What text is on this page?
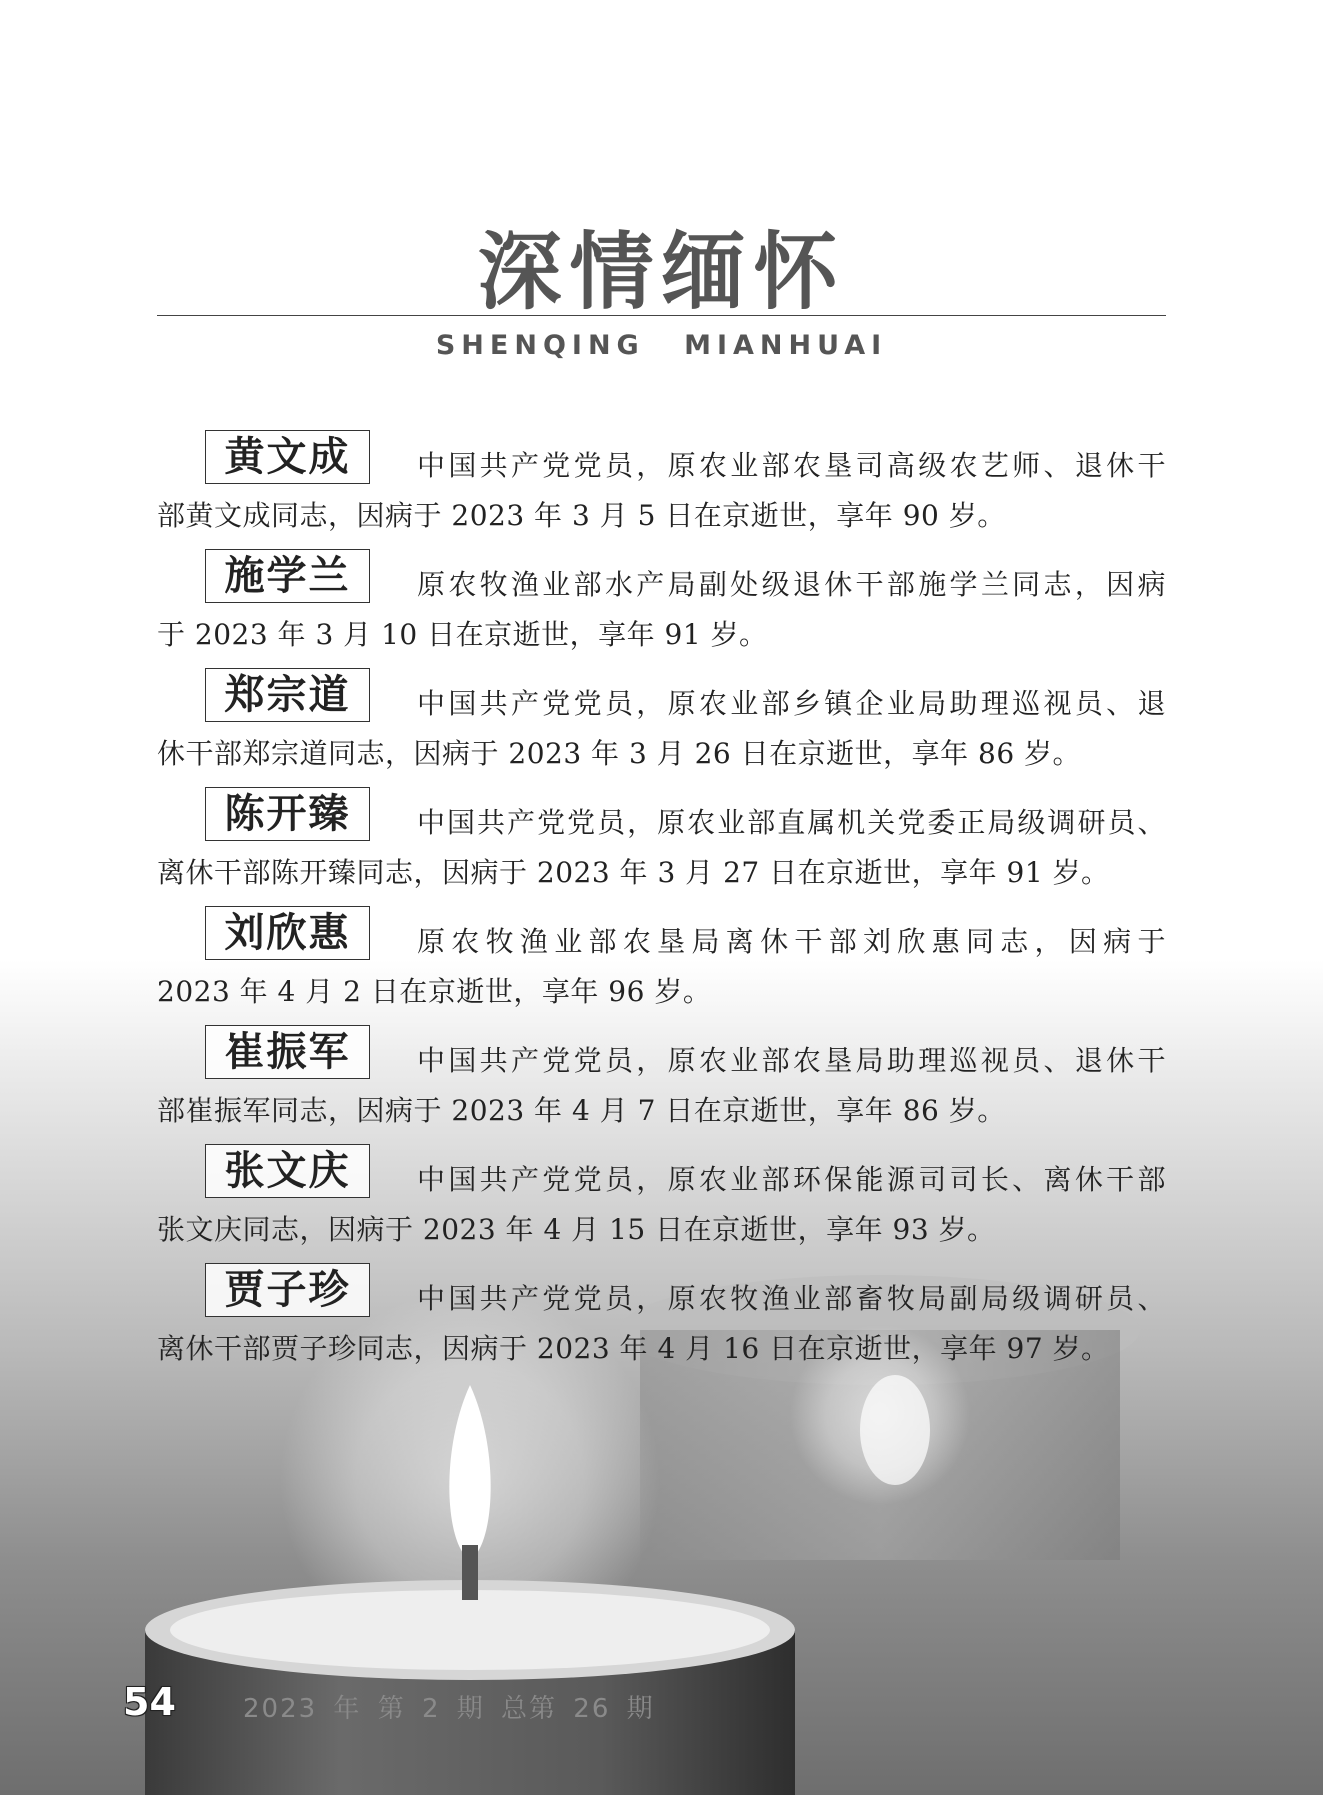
深情缅怀
SHENQING MIANHUAI
黄文成	中国共产党党员，原农业部农垦司高级农艺师、退休干
部黄文成同志，因病于 2023 年 3 月 5 日在京逝世，享年 90 岁。
施学兰	原农牧渔业部水产局副处级退休干部施学兰同志，因病
于 2023 年 3 月 10 日在京逝世，享年 91 岁。
郑宗道	中国共产党党员，原农业部乡镇企业局助理巡视员、退
休干部郑宗道同志，因病于 2023 年 3 月 26 日在京逝世，享年 86 岁。
陈开臻	中国共产党党员，原农业部直属机关党委正局级调研员、
离休干部陈开臻同志，因病于 2023 年 3 月 27 日在京逝世，享年 91 岁。
刘欣惠	原农牧渔业部农垦局离休干部刘欣惠同志，因病于
2023 年 4 月 2 日在京逝世，享年 96 岁。
崔振军	中国共产党党员，原农业部农垦局助理巡视员、退休干
部崔振军同志，因病于 2023 年 4 月 7 日在京逝世，享年 86 岁。
张文庆	中国共产党党员，原农业部环保能源司司长、离休干部
张文庆同志，因病于 2023 年 4 月 15 日在京逝世，享年 93 岁。
贾子珍	中国共产党党员，原农牧渔业部畜牧局副局级调研员、
离休干部贾子珍同志，因病于 2023 年 4 月 16 日在京逝世，享年 97 岁。
54	2023 年 第 2 期 总第 26 期
